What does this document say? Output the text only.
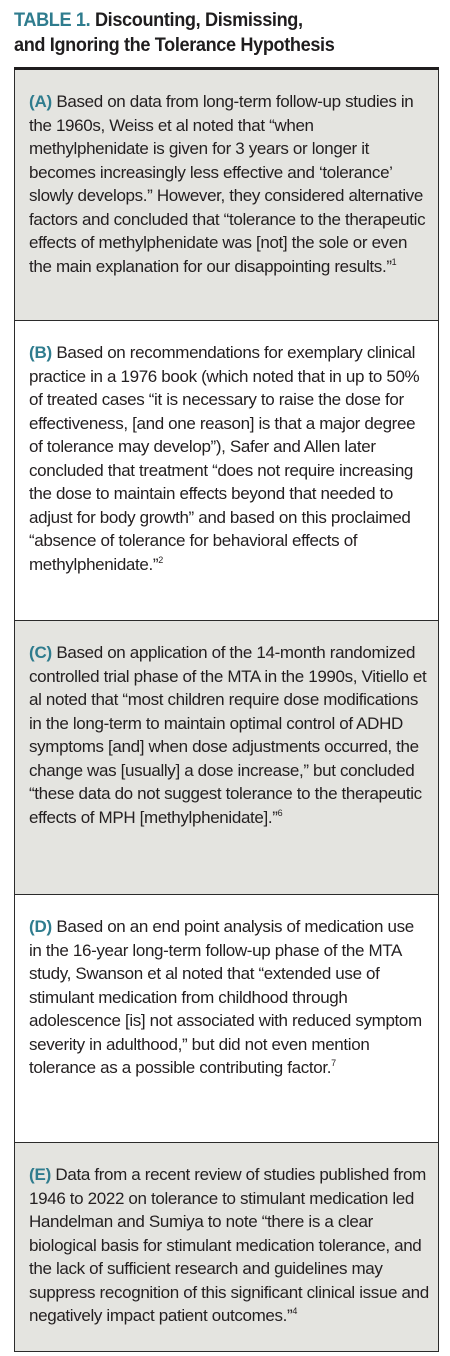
TABLE 1. Discounting, Dismissing,
and Ignoring the Tolerance Hypothesis
(A) Based on data from long-term follow-up studies in the 1960s, Weiss et al noted that “when methylphenidate is given for 3 years or longer it becomes increasingly less effective and ‘tolerance’ slowly develops.” However, they considered alternative factors and concluded that “tolerance to the therapeutic effects of methylphenidate was [not] the sole or even the main explanation for our disappointing results.”$^1$
(B) Based on recommendations for exemplary clinical practice in a 1976 book (which noted that in up to 50% of treated cases “it is necessary to raise the dose for effectiveness, [and one reason] is that a major degree of tolerance may develop”), Safer and Allen later concluded that treatment “does not require increasing the dose to maintain effects beyond that needed to adjust for body growth” and based on this proclaimed “absence of tolerance for behavioral effects of methylphenidate.”$^2$
(C) Based on application of the 14-month randomized controlled trial phase of the MTA in the 1990s, Vitiello et al noted that “most children require dose modifications in the long-term to maintain optimal control of ADHD symptoms [and] when dose adjustments occurred, the change was [usually] a dose increase,” but concluded “these data do not suggest tolerance to the therapeutic effects of MPH [methylphenidate].”$^6$
(D) Based on an end point analysis of medication use in the 16-year long-term follow-up phase of the MTA study, Swanson et al noted that “extended use of stimulant medication from childhood through adolescence [is] not associated with reduced symptom severity in adulthood,” but did not even mention tolerance as a possible contributing factor.$^7$
(E) Data from a recent review of studies published from 1946 to 2022 on tolerance to stimulant medication led Handelman and Sumiya to note “there is a clear biological basis for stimulant medication tolerance, and the lack of sufficient research and guidelines may suppress recognition of this significant clinical issue and negatively impact patient outcomes.”$^4$
